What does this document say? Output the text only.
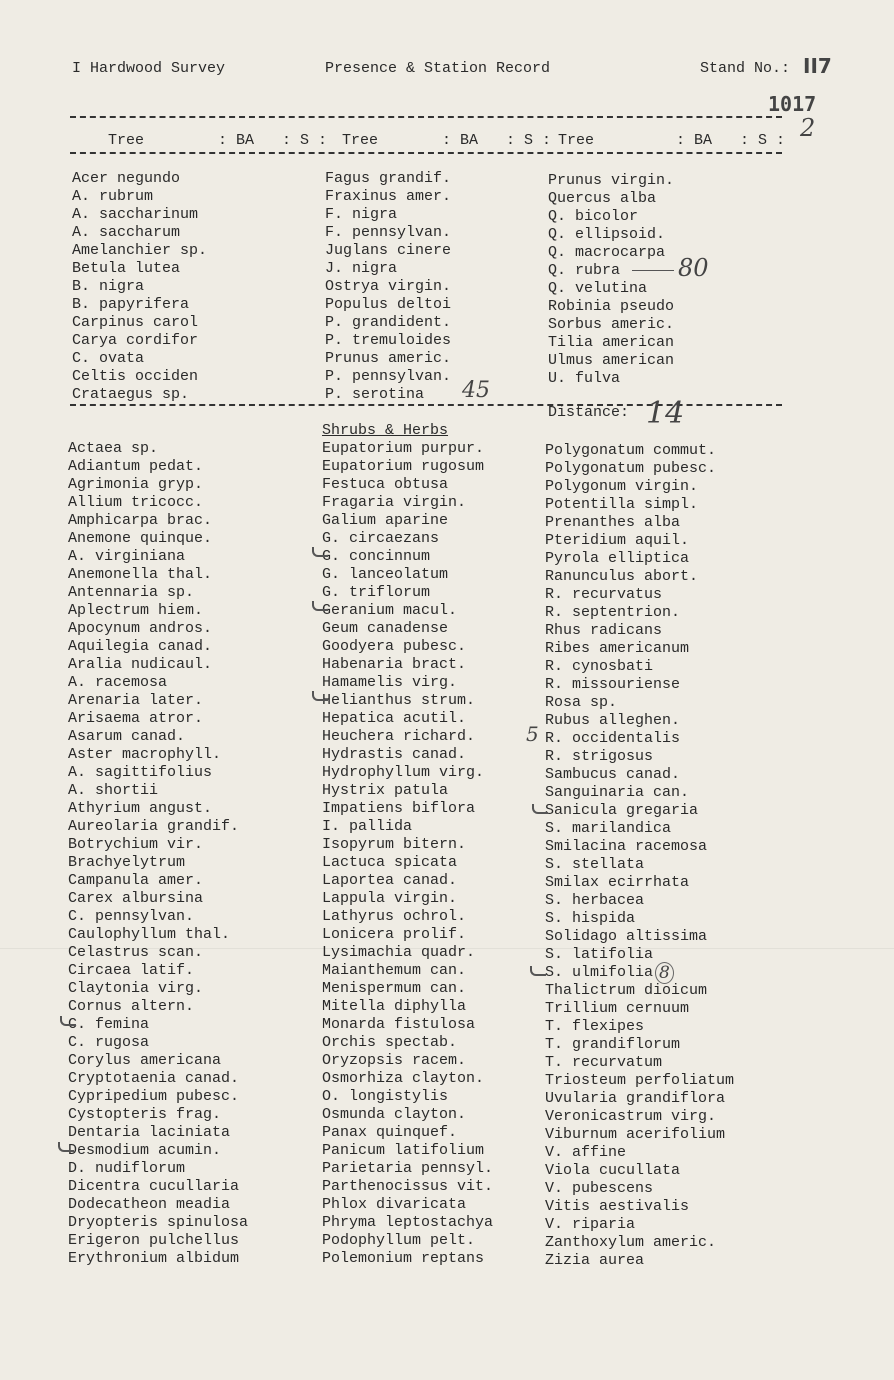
I Hardwood Survey	Presence & Station Record	Stand No.: II7
1017
2
Tree	: BA : S : Tree	: BA : S : Tree	: BA : S :
Acer negundo
A. rubrum
A. saccharinum
A. saccharum
Amelanchier sp.
Betula lutea
B. nigra
B. papyrifera
Carpinus carol
Carya cordifor
C. ovata
Celtis occiden
Crataegus sp.
Fagus grandif.
Fraxinus amer.
F. nigra
F. pennsylvan.
Juglans cinere
J. nigra
Ostrya virgin.
Populus deltoi
P. grandident.
P. tremuloides
Prunus americ.
P. pennsylvan.
P. serotina
Prunus virgin.
Quercus alba
Q. bicolor
Q. ellipsoid.
Q. macrocarpa
Q. rubra
Q. velutina
Robinia pseudo
Sorbus americ.
Tilia american
Ulmus american
U. fulva
45
80
Distance: 14
Shrubs & Herbs
Actaea sp.
Adiantum pedat.
Agrimonia gryp.
Allium tricocc.
Amphicarpa brac.
Anemone quinque.
A. virginiana
Anemonella thal.
Antennaria sp.
Aplectrum hiem.
Apocynum andros.
Aquilegia canad.
Aralia nudicaul.
A. racemosa
Arenaria later.
Arisaema atror.
Asarum canad.
Aster macrophyll.
A. sagittifolius
A. shortii
Athyrium angust.
Aureolaria grandif.
Botrychium vir.
Brachyelytrum
Campanula amer.
Carex albursina
C. pennsylvan.
Caulophyllum thal.
Celastrus scan.
Circaea latif.
Claytonia virg.
Cornus altern.
C. femina
C. rugosa
Corylus americana
Cryptotaenia canad.
Cypripedium pubesc.
Cystopteris frag.
Dentaria laciniata
Desmodium acumin.
D. nudiflorum
Dicentra cucullaria
Dodecatheon meadia
Dryopteris spinulosa
Erigeron pulchellus
Erythronium albidum
Eupatorium purpur.
Eupatorium rugosum
Festuca obtusa
Fragaria virgin.
Galium aparine
G. circaezans
G. concinnum
G. lanceolatum
G. triflorum
Geranium macul.
Geum canadense
Goodyera pubesc.
Habenaria bract.
Hamamelis virg.
Helianthus strum.
Hepatica acutil.
Heuchera richard.
Hydrastis canad.
Hydrophyllum virg.
Hystrix patula
Impatiens biflora
I. pallida
Isopyrum bitern.
Lactuca spicata
Laportea canad.
Lappula virgin.
Lathyrus ochrol.
Lonicera prolif.
Lysimachia quadr.
Maianthemum can.
Menispermum can.
Mitella diphylla
Monarda fistulosa
Orchis spectab.
Oryzopsis racem.
Osmorhiza clayton.
O. longistylis
Osmunda clayton.
Panax quinquef.
Panicum latifolium
Parietaria pennsyl.
Parthenocissus vit.
Phlox divaricata
Phryma leptostachya
Podophyllum pelt.
Polemonium reptans
Polygonatum commut.
Polygonatum pubesc.
Polygonum virgin.
Potentilla simpl.
Prenanthes alba
Pteridium aquil.
Pyrola elliptica
Ranunculus abort.
R. recurvatus
R. septentrion.
Rhus radicans
Ribes americanum
R. cynosbati
R. missouriense
Rosa sp.
Rubus alleghen.
R. occidentalis
R. strigosus
Sambucus canad.
Sanguinaria can.
Sanicula gregaria
S. marilandica
Smilacina racemosa
S. stellata
Smilax ecirrhata
S. herbacea
S. hispida
Solidago altissima
S. latifolia
S. ulmifolia
Thalictrum dioicum
Trillium cernuum
T. flexipes
T. grandiflorum
T. recurvatum
Triosteum perfoliatum
Uvularia grandiflora
Veronicastrum virg.
Viburnum acerifolium
V. affine
Viola cucullata
V. pubescens
Vitis aestivalis
V. riparia
Zanthoxylum americ.
Zizia aurea
5
8
